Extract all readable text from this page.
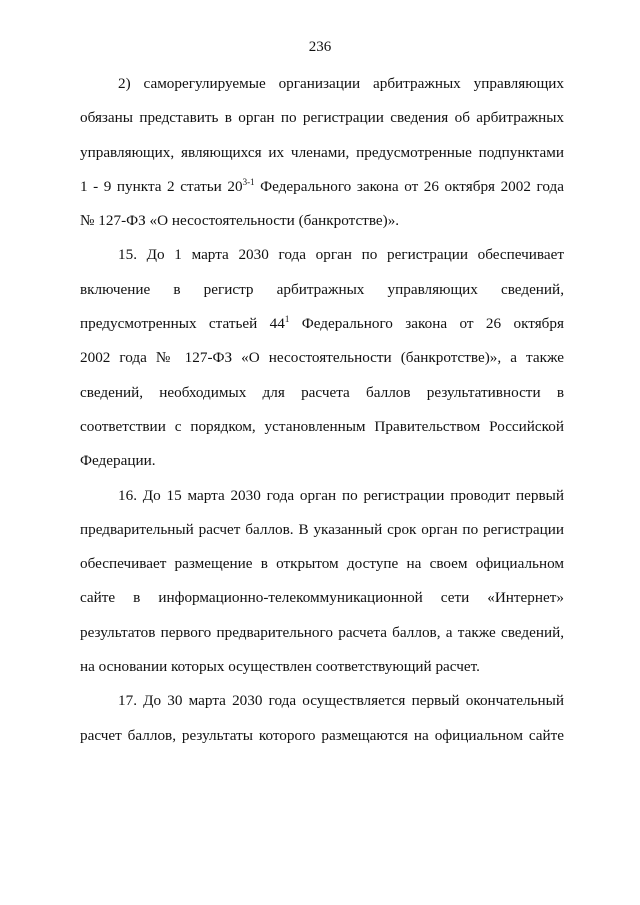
236
2) саморегулируемые организации арбитражных управляющих
обязаны представить в орган по регистрации сведения об арбитражных
управляющих, являющихся их членами, предусмотренные подпунктами
1 - 9 пункта 2 статьи 20$^{3-1}$ Федерального закона от 26 октября 2002 года
№ 127-ФЗ «О несостоятельности (банкротстве)».
15. До 1 марта 2030 года орган по регистрации обеспечивает
включение в регистр арбитражных управляющих сведений,
предусмотренных статьей $44^1$ Федерального закона от 26 октября
2002 года № 127-ФЗ «О несостоятельности (банкротстве)», а также
сведений, необходимых для расчета баллов результативности в
соответствии с порядком, установленным Правительством Российской
Федерации.
16. До 15 марта 2030 года орган по регистрации проводит первый
предварительный расчет баллов. В указанный срок орган по регистрации
обеспечивает размещение в открытом доступе на своем официальном
сайте в информационно-телекоммуникационной сети «Интернет»
результатов первого предварительного расчета баллов, а также сведений,
на основании которых осуществлен соответствующий расчет.
17. До 30 марта 2030 года осуществляется первый окончательный
расчет баллов, результаты которого размещаются на официальном сайте
